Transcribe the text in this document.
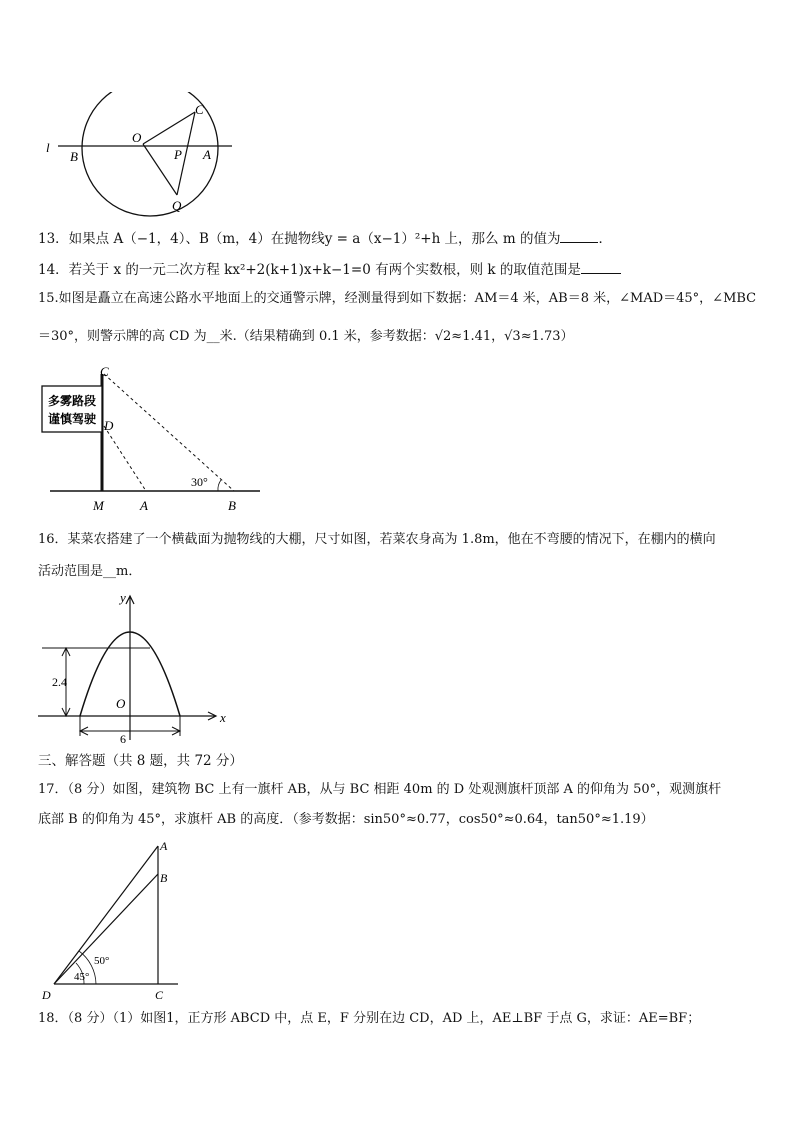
l
B
O
P A
C
Q
13．如果点 A（−1，4）、B（m，4）在抛物线y = a（x−1）²+h 上，那么 m 的值为	．
14．若关于 x 的一元二次方程 kx²+2(k+1)x+k−1=0 有两个实数根，则 k 的取值范围是
15.如图是矗立在高速公路水平地面上的交通警示牌，经测量得到如下数据：AM＝4 米，AB＝8 米，∠MAD＝45°，∠MBC
＝30°，则警示牌的高 CD 为__米.（结果精确到 0.1 米，参考数据：√2≈1.41，√3≈1.73）
多雾路段
谨慎驾驶
C
D
M	A	B
30°
16．某菜农搭建了一个横截面为抛物线的大棚，尺寸如图，若菜农身高为 1.8m，他在不弯腰的情况下，在棚内的横向
活动范围是__m．
y
x
O
2.4
6
三、解答题（共 8 题，共 72 分）
17．（8 分）如图，建筑物 BC 上有一旗杆 AB，从与 BC 相距 40m 的 D 处观测旗杆顶部 A 的仰角为 50°，观测旗杆
底部 B 的仰角为 45°，求旗杆 AB 的高度．（参考数据：sin50°≈0.77，cos50°≈0.64，tan50°≈1.19）
A
B
C
D
50°
45°
18．（8 分）（1）如图1，正方形 ABCD 中，点 E，F 分别在边 CD，AD 上，AE⊥BF 于点 G，求证：AE=BF；
